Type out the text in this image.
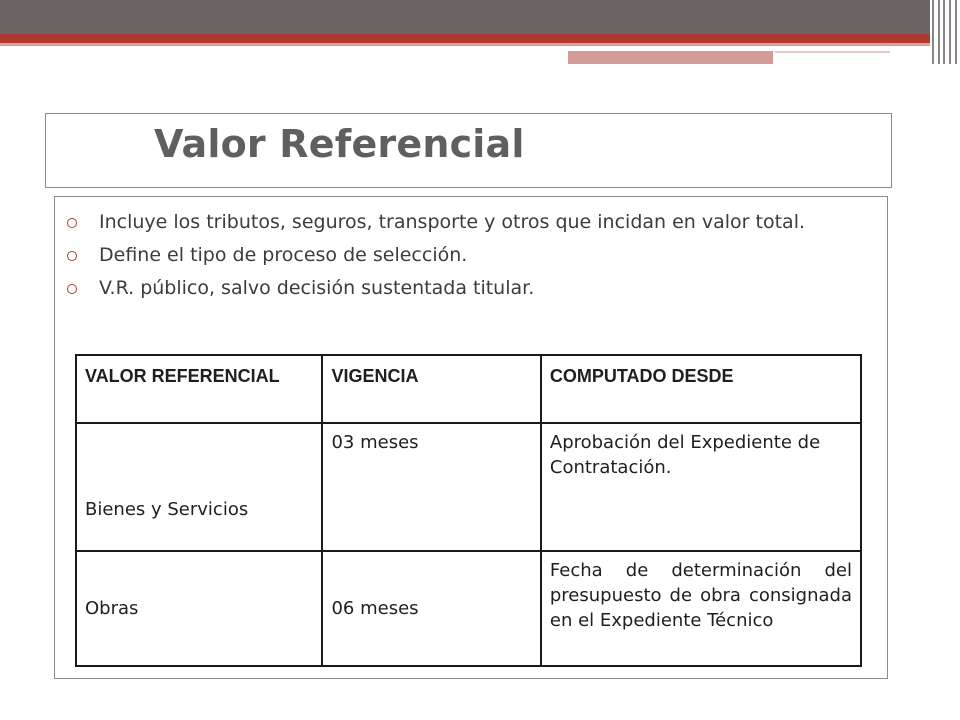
Valor Referencial
Incluye los tributos, seguros, transporte y otros que incidan en valor total.
Define el tipo de proceso de selección.
V.R. público, salvo decisión sustentada titular.
VALOR REFERENCIAL	VIGENCIA	COMPUTADO DESDE

Bienes y Servicios	03 meses	Aprobación del Expediente de Contratación.

Obras	06 meses	Fecha de determinación del presupuesto de obra consignada en el Expediente Técnico
